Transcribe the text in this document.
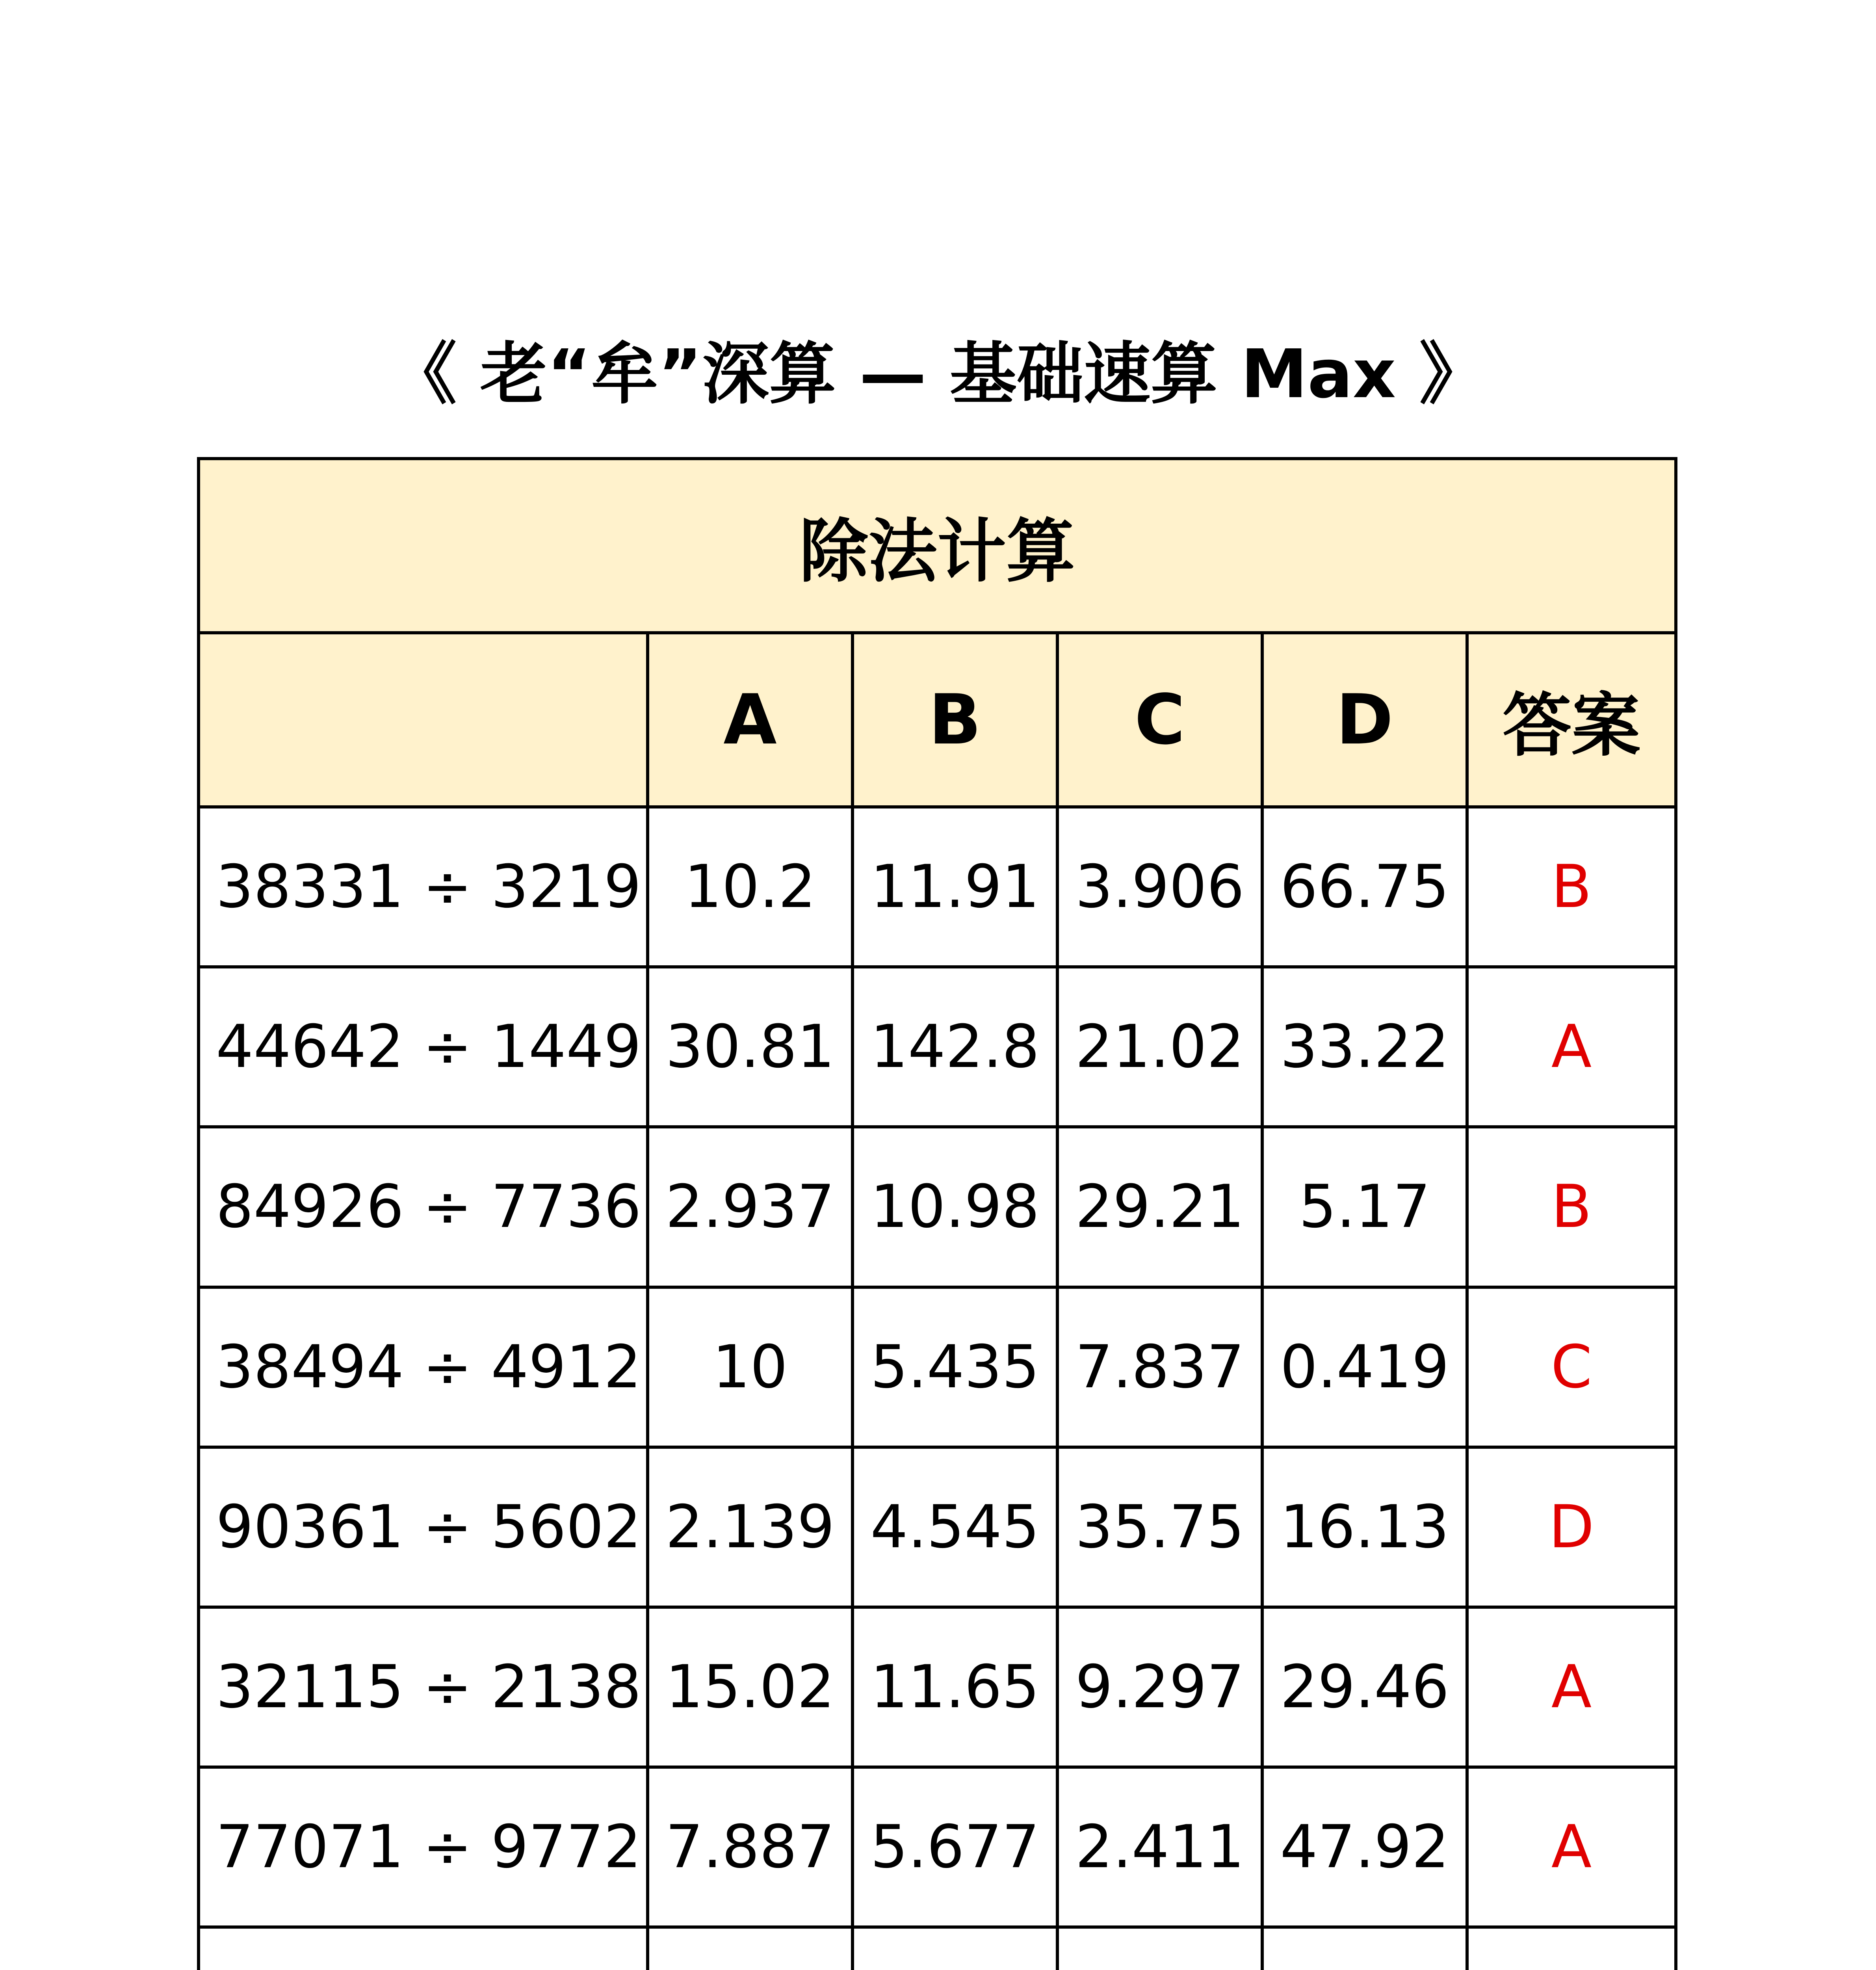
《 老“牟”深算 — 基础速算 Max 》
除法计算					
	A	B	C	D	答案
38331 ÷ 3219	10.2	11.91	3.906	66.75	B
44642 ÷ 1449	30.81	142.8	21.02	33.22	A
84926 ÷ 7736	2.937	10.98	29.21	5.17	B
38494 ÷ 4912	10	5.435	7.837	0.419	C
90361 ÷ 5602	2.139	4.545	35.75	16.13	D
32115 ÷ 2138	15.02	11.65	9.297	29.46	A
77071 ÷ 9772	7.887	5.677	2.411	47.92	A
